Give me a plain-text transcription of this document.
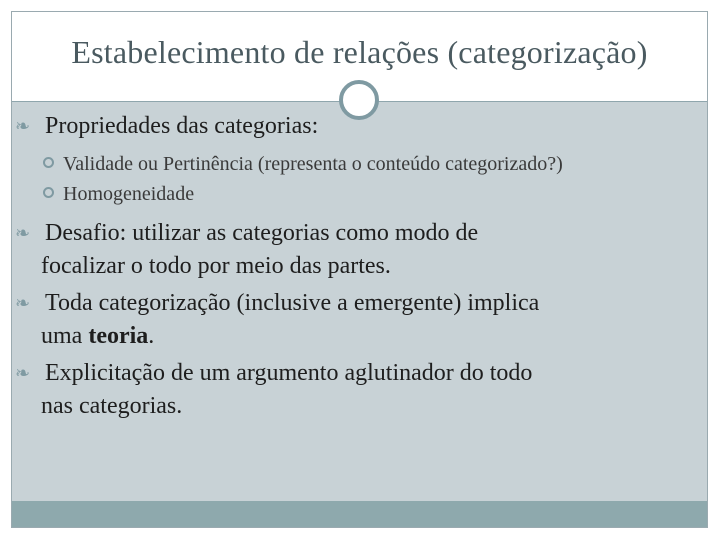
Estabelecimento de relações (categorização)
❧ Propriedades das categorias:
Validade ou Pertinência (representa o conteúdo categorizado?)
Homogeneidade
❧ Desafio: utilizar as categorias como modo de
focalizar o todo por meio das partes.
❧ Toda categorização (inclusive a emergente) implica
uma teoria.
❧ Explicitação de um argumento aglutinador do todo
nas categorias.
